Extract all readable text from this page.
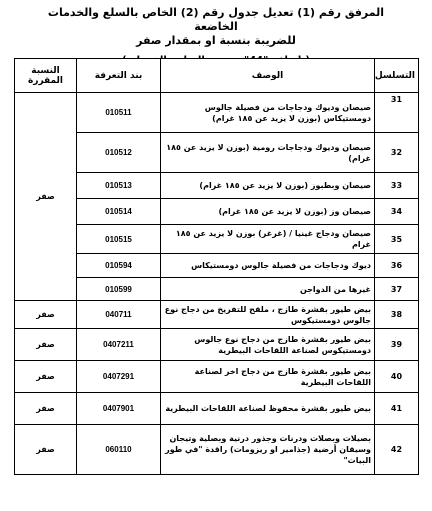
المرفق رقم (1) تعديل جدول رقم (2) الخاص بالسلع والخدمات الخاضعة
للضريبة بنسبة او بمقدار صفر
التسلسل	الوصف	بند التعرفة	النسبة المقررة
31	صيصان وديوك ودجاجات من فصيلة جالوس دومستيكاس (بوزن لا يزيد عن ١٨٥ غرام)	010511	صفر
32	صيصان وديوك ودجاجات رومية (بوزن لا يزيد عن ١٨٥ غرام)	010512	
33	صيصان وبطبوز (بوزن لا يزيد عن ١٨٥ غرام)	010513	
34	صيصان وز (بوزن لا يزيد عن ١٨٥ غرام)	010514	
35	صيصان ودجاج غينيا / (غرغر) بوزن لا يزيد عن ١٨٥ غرام	010515	
36	ديوك ودجاجات من فصيلة جالوس دومستيكاس	010594	
37	غيرها من الدواجن	010599	
38	بيض طيور بقشرة طازج ، ملقح للتفريخ من دجاج نوع جالوس دومستيكوس	040711	صفر
39	بيض طيور بقشرة طازج من دجاج نوع جالوس دومستيكوس لصناعة اللقاحات البيطرية	0407211	صفر
40	بيض طيور بقشرة طازج من دجاج اخر لصناعة اللقاحات البيطرية	0407291	صفر
41	بيض طيور بقشرة محفوظ لصناعة اللقاحات البيطرية	0407901	صفر
42	بصيلات وبصلات ودرنات وجذور درنية وبصلية وتيجان وسيقان أرضية (جذامير او ريزومات) راقدة "في طور البيات"	060110	صفر
